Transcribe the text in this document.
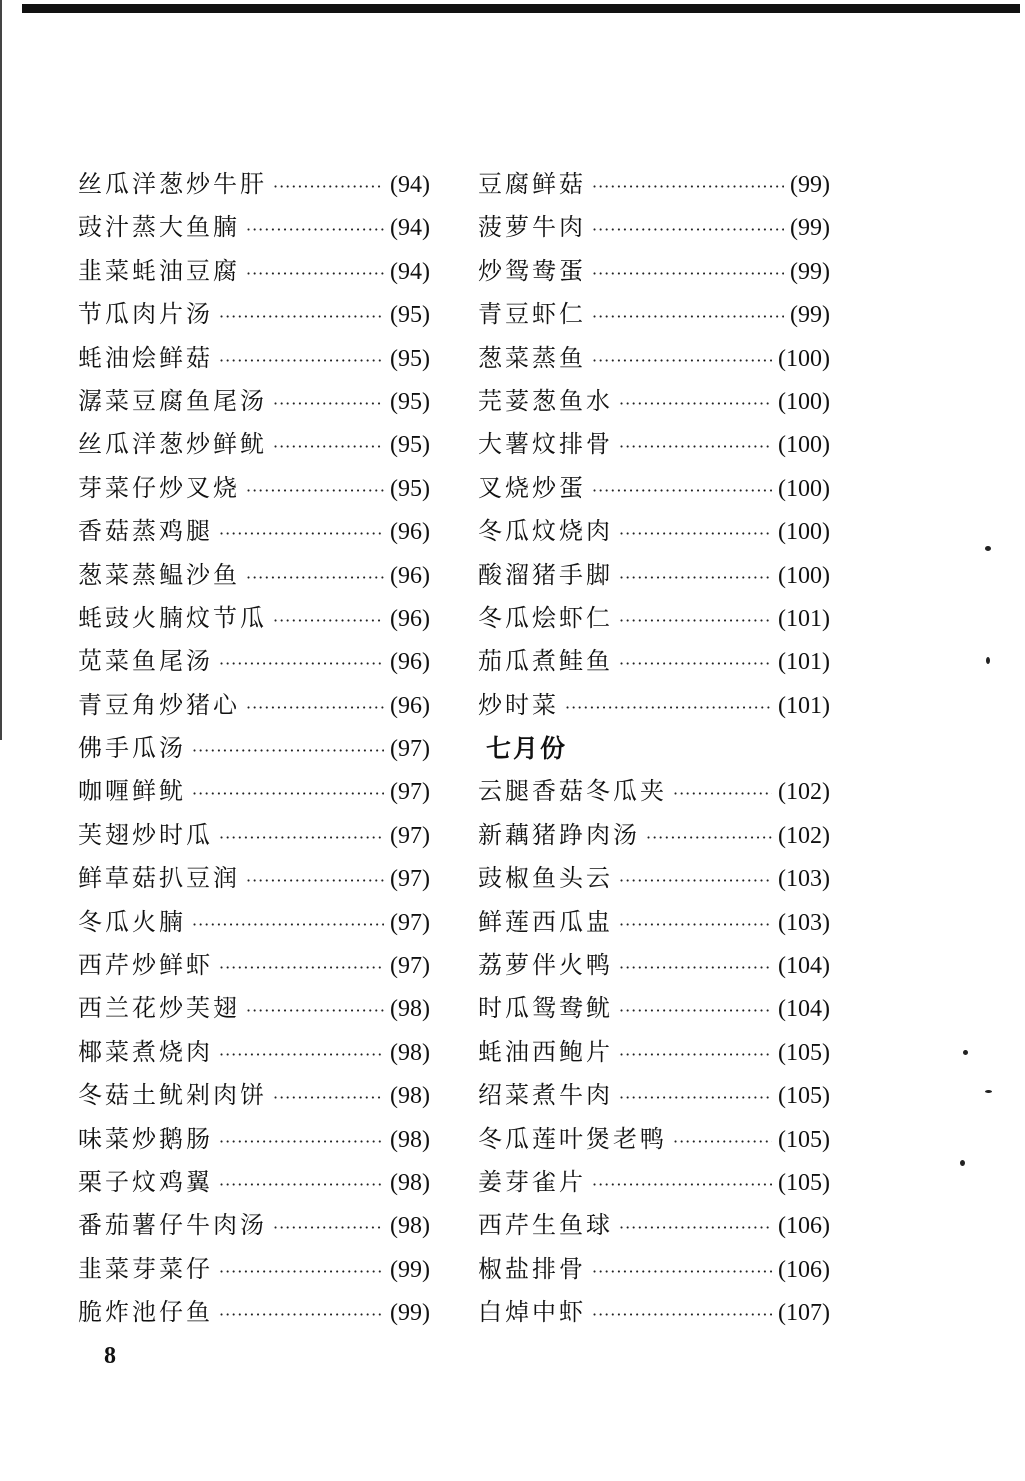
丝瓜洋葱炒牛肝 ·····	(94)
豉汁蒸大鱼腩 ·····	(94)
韭菜蚝油豆腐 ·····	(94)
节瓜肉片汤 ·····	(95)
蚝油烩鲜菇 ·····	(95)
潺菜豆腐鱼尾汤 ·····	(95)
丝瓜洋葱炒鲜鱿 ·····	(95)
芽菜仔炒叉烧 ·····	(95)
香菇蒸鸡腿 ·····	(96)
葱菜蒸鳁沙鱼 ·····	(96)
蚝豉火腩炆节瓜 ·····	(96)
苋菜鱼尾汤 ·····	(96)
青豆角炒猪心 ·····	(96)
佛手瓜汤 ·····	(97)
咖喱鲜鱿 ·····	(97)
芙翅炒时瓜 ·····	(97)
鲜草菇扒豆润 ·····	(97)
冬瓜火腩 ·····	(97)
西芹炒鲜虾 ·····	(97)
西兰花炒芙翅 ·····	(98)
椰菜煮烧肉 ·····	(98)
冬菇土鱿剁肉饼 ·····	(98)
味菜炒鹅肠 ·····	(98)
栗子炆鸡翼 ·····	(98)
番茄薯仔牛肉汤 ·····	(98)
韭菜芽菜仔 ·····	(99)
脆炸池仔鱼 ·····	(99)
豆腐鲜菇 ·····	(99)
菠萝牛肉 ·····	(99)
炒鸳鸯蛋 ·····	(99)
青豆虾仁 ·····	(99)
葱菜蒸鱼 ·····	(100)
芫荽葱鱼水 ·····	(100)
大薯炆排骨 ·····	(100)
叉烧炒蛋 ·····	(100)
冬瓜炆烧肉 ·····	(100)
酸溜猪手脚 ·····	(100)
冬瓜烩虾仁 ·····	(101)
茄瓜煮鲑鱼 ·····	(101)
炒时菜 ·····	(101)
七月份
云腿香菇冬瓜夹 ·····	(102)
新藕猪踭肉汤 ·····	(102)
豉椒鱼头云 ·····	(103)
鲜莲西瓜盅 ·····	(103)
荔萝伴火鸭 ·····	(104)
时瓜鸳鸯鱿 ·····	(104)
蚝油西鲍片 ·····	(105)
绍菜煮牛肉 ·····	(105)
冬瓜莲叶煲老鸭 ·····	(105)
姜芽雀片 ·····	(105)
西芹生鱼球 ·····	(106)
椒盐排骨 ·····	(106)
白焯中虾 ·····	(107)
8
